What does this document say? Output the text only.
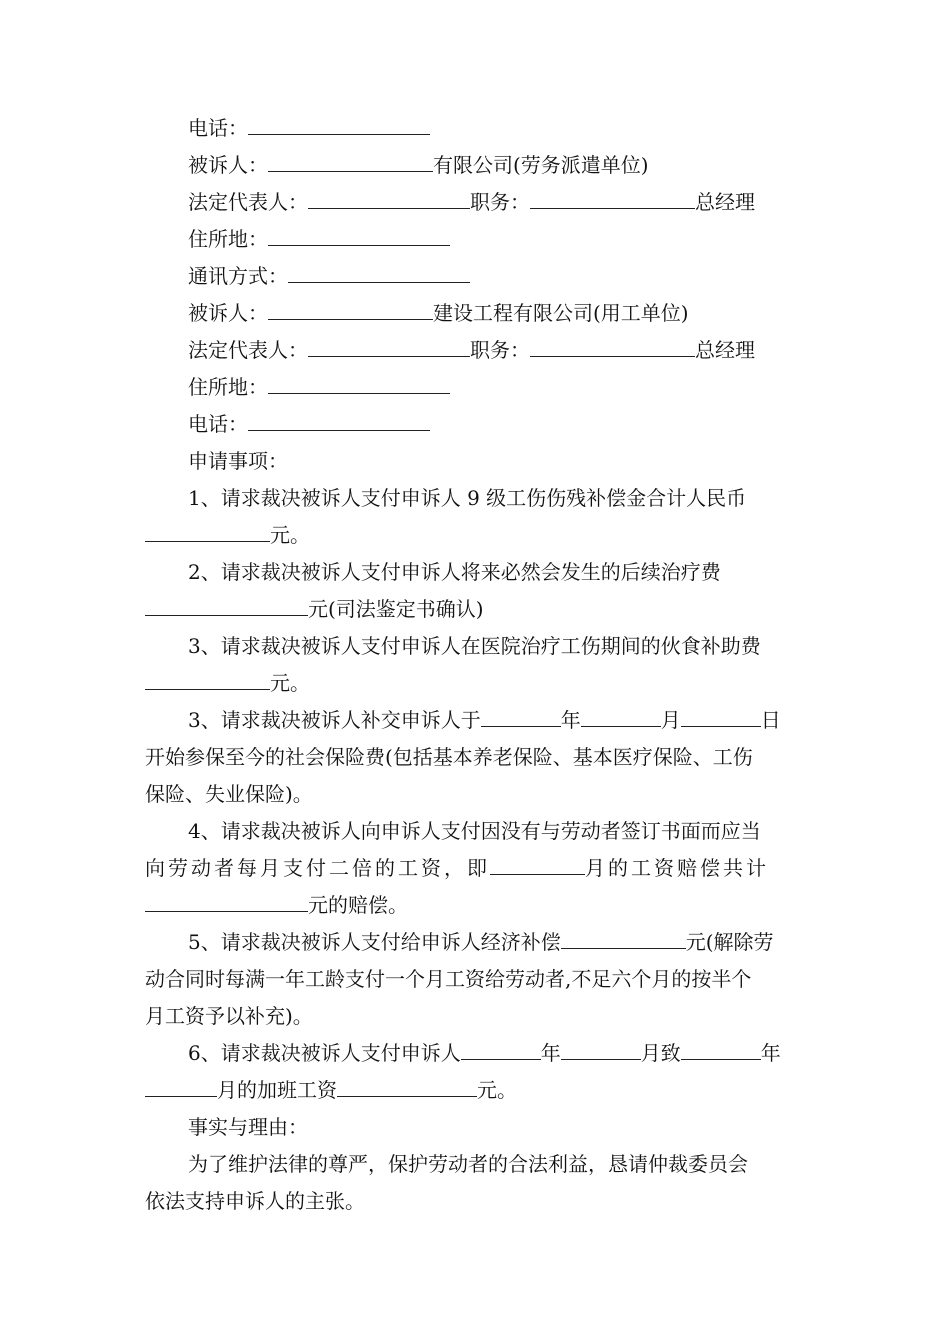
电话：
被诉人：	有限公司(劳务派遣单位)
法定代表人：	职务：	总经理
住所地：
通讯方式：
被诉人：	建设工程有限公司(用工单位)
法定代表人：	职务：	总经理
住所地：
电话：
申请事项：
1、请求裁决被诉人支付申诉人 9 级工伤伤残补偿金合计人民币
元。
2、请求裁决被诉人支付申诉人将来必然会发生的后续治疗费
元(司法鉴定书确认)
3、请求裁决被诉人支付申诉人在医院治疗工伤期间的伙食补助费
元。
3、请求裁决被诉人补交申诉人于	年	月	日
开始参保至今的社会保险费(包括基本养老保险、基本医疗保险、工伤
保险、失业保险)。
4、请求裁决被诉人向申诉人支付因没有与劳动者签订书面而应当
向劳动者每月支付二倍的工资，即	月的工资赔偿共计
元的赔偿。
5、请求裁决被诉人支付给申诉人经济补偿	元(解除劳
动合同时每满一年工龄支付一个月工资给劳动者,不足六个月的按半个
月工资予以补充)。
6、请求裁决被诉人支付申诉人	年	月致	年
月的加班工资	元。
事实与理由：
为了维护法律的尊严，保护劳动者的合法利益，恳请仲裁委员会
依法支持申诉人的主张。
